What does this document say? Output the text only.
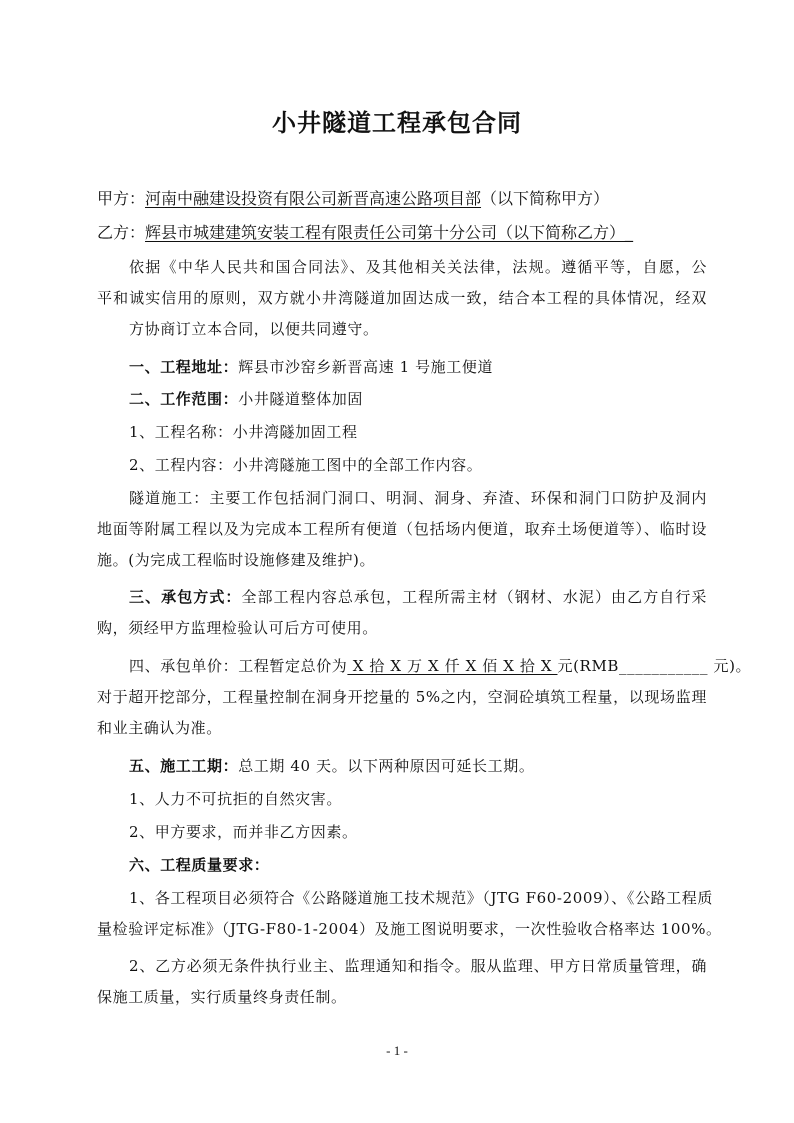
小井隧道工程承包合同
甲方：河南中融建设投资有限公司新晋高速公路项目部（以下简称甲方）
乙方：辉县市城建建筑安装工程有限责任公司第十分公司（以下简称乙方）_
依据《中华人民共和国合同法》、及其他相关关法律，法规。遵循平等，自愿，公
平和诚实信用的原则，双方就小井湾隧道加固达成一致，结合本工程的具体情况，经双
方协商订立本合同，以便共同遵守。
一、工程地址：辉县市沙窑乡新晋高速 1 号施工便道
二、工作范围：小井隧道整体加固
1、工程名称：小井湾隧加固工程
2、工程内容：小井湾隧施工图中的全部工作内容。
隧道施工：主要工作包括洞门洞口、明洞、洞身、弃渣、环保和洞门口防护及洞内
地面等附属工程以及为完成本工程所有便道（包括场内便道，取弃土场便道等）、临时设
施。(为完成工程临时设施修建及维护)。
三、承包方式：全部工程内容总承包，工程所需主材（钢材、水泥）由乙方自行采
购，须经甲方监理检验认可后方可使用。
四、承包单价：工程暂定总价为 X 拾 X 万 X 仟 X 佰 X 拾 X 元(RMB___________ 元)。
对于超开挖部分，工程量控制在洞身开挖量的 5%之内，空洞砼填筑工程量，以现场监理
和业主确认为准。
五、施工工期：总工期 40 天。以下两种原因可延长工期。
1、人力不可抗拒的自然灾害。
2、甲方要求，而并非乙方因素。
六、工程质量要求：
1、各工程项目必须符合《公路隧道施工技术规范》（JTG F60-2009）、《公路工程质
量检验评定标准》（JTG-F80-1-2004）及施工图说明要求，一次性验收合格率达 100%。
2、乙方必须无条件执行业主、监理通知和指令。服从监理、甲方日常质量管理，确
保施工质量，实行质量终身责任制。
- 1 -
